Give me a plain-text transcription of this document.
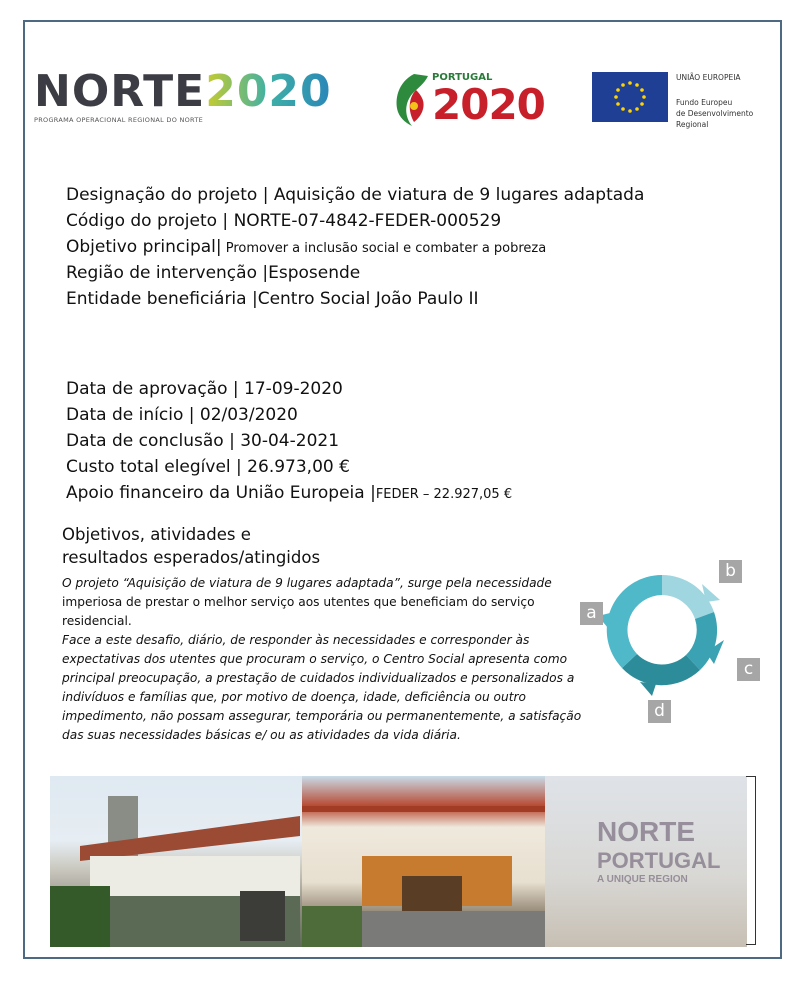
NORTE2020
PROGRAMA OPERACIONAL REGIONAL DO NORTE
PORTUGAL
2020
UNIÃO EUROPEIA
Fundo Europeu
de Desenvolvimento Regional
Designação do projeto | Aquisição de viatura de 9 lugares adaptada
Código do projeto | NORTE-07-4842-FEDER-000529
Objetivo principal| Promover a inclusão social e combater a pobreza
Região de intervenção |Esposende
Entidade beneficiária |Centro Social João Paulo II
Data de aprovação | 17-09-2020
Data de início | 02/03/2020
Data de conclusão | 30-04-2021
Custo total elegível | 26.973,00 €
Apoio financeiro da União Europeia |FEDER – 22.927,05 €
Objetivos, atividades e
resultados esperados/atingidos
O projeto “Aquisição de viatura de 9 lugares adaptada”, surge pela necessidade imperiosa de prestar o melhor serviço aos utentes que beneficiam do serviço residencial.
Face a este desafio, diário, de responder às necessidades e corresponder às expectativas dos utentes que procuram o serviço, o Centro Social apresenta como principal preocupação, a prestação de cuidados individualizados e personalizados a indivíduos e famílias que, por motivo de doença, idade, deficiência ou outro impedimento, não possam assegurar, temporária ou permanentemente, a satisfação das suas necessidades básicas e/ ou as atividades da vida diária.
a
b
c
d
NORTE
PORTUGAL
A UNIQUE REGION
